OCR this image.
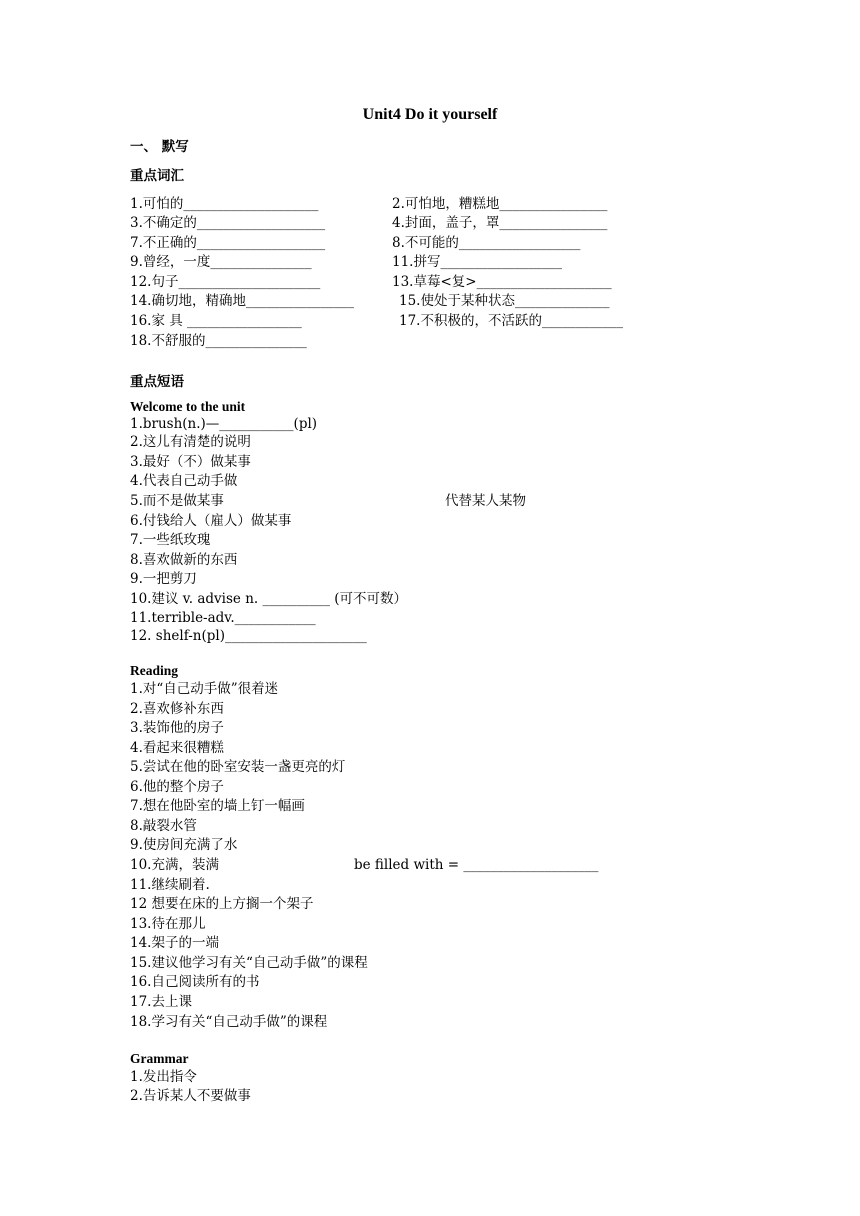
Unit4 Do it yourself
一、 默写
重点词汇
1.可怕的____________________	2.可怕地，糟糕地________________
3.不确定的___________________	4.封面，盖子，罩________________
7.不正确的___________________	8.不可能的__________________
9.曾经，一度_______________	11.拼写__________________
12.句子_____________________	13.草莓<复>____________________
14.确切地，精确地________________	15.使处于某种状态______________
16.家 具 _________________	17.不积极的，不活跃的____________
18.不舒服的_______________
重点短语
Welcome to the unit
1.brush(n.)—___________(pl)
2.这儿有清楚的说明
3.最好（不）做某事
4.代表自己动手做
5.而不是做某事	代替某人某物
6.付钱给人（雇人）做某事
7.一些纸玫瑰
8.喜欢做新的东西
9.一把剪刀
10.建议 v. advise n. __________ (可不可数）
11.terrible-adv.____________
12. shelf-n(pl)_____________________
Reading
1.对“自己动手做”很着迷
2.喜欢修补东西
3.装饰他的房子
4.看起来很糟糕
5.尝试在他的卧室安装一盏更亮的灯
6.他的整个房子
7.想在他卧室的墙上钉一幅画
8.敲裂水管
9.使房间充满了水
10.充满，装满	be filled with = ____________________
11.继续刷着.
12 想要在床的上方搁一个架子
13.待在那儿
14.架子的一端
15.建议他学习有关“自己动手做”的课程
16.自己阅读所有的书
17.去上课
18.学习有关“自己动手做”的课程
Grammar
1.发出指令
2.告诉某人不要做事
